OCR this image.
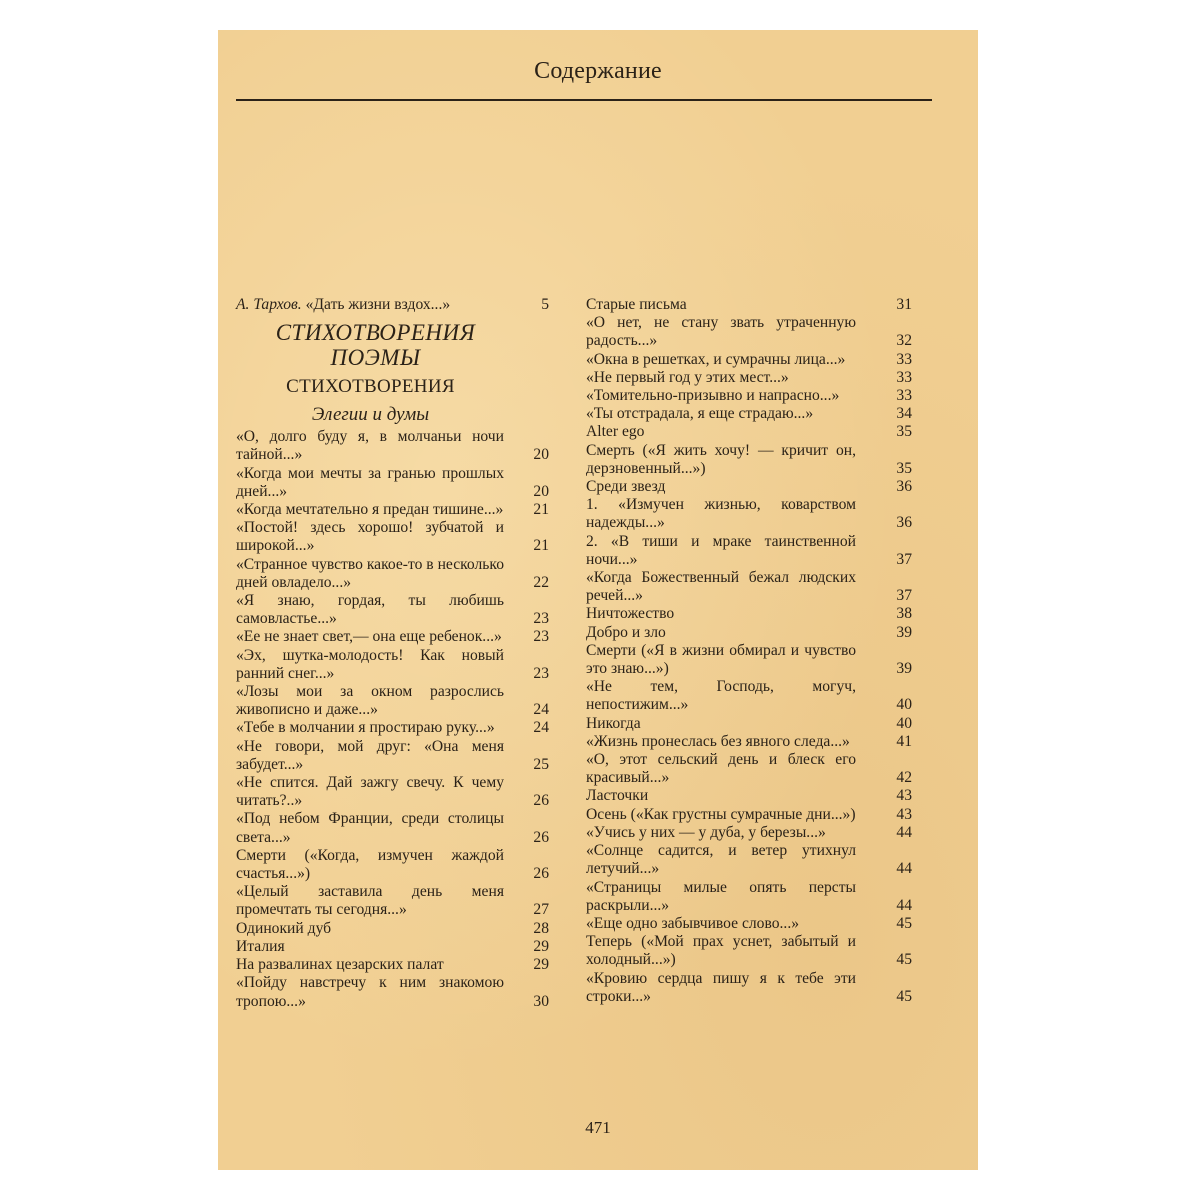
Содержание
А. Тархов. «Дать жизни вздох...»	5
СТИХОТВОРЕНИЯ ПОЭМЫ
СТИХОТВОРЕНИЯ
Элегии и думы
«О, долго буду я, в молчаньи ночи тайной...»	20
«Когда мои мечты за гранью прошлых дней...»	20
«Когда мечтательно я предан тишине...» 21
«Постой! здесь хорошо! зубчатой и широкой...»	21
«Странное чувство какое-то в несколько дней овладело...»	22
«Я знаю, гордая, ты любишь самовластье...»	23
«Ее не знает свет,— она еще ребенок...» 23
«Эх, шутка-молодость! Как новый ранний снег...»	23
«Лозы мои за окном разрослись живописно и даже...»	24
«Тебе в молчании я простираю руку...»	24
«Не говори, мой друг: «Она меня забудет...»	25
«Не спится. Дай зажгу свечу. К чему читать?..»	26
«Под небом Франции, среди столицы света...»	26
Смерти («Когда, измучен жаждой счастья...»)	26
«Целый заставила день меня промечтать ты сегодня...»	27
Одинокий дуб	28
Италия	29
На развалинах цезарских палат	29
«Пойду навстречу к ним знакомою тропою...»	30
Старые письма	31
«О нет, не стану звать утраченную радость...»	32
«Окна в решетках, и сумрачны лица...»	33
«Не первый год у этих мест...»	33
«Томительно-призывно и напрасно...»	33
«Ты отстрадала, я еще страдаю...»	34
Alter ego	35
Смерть («Я жить хочу! — кричит он, дерзновенный...»)	35
Среди звезд	36
1. «Измучен жизнью, коварством надежды...»	36
2. «В тиши и мраке таинственной ночи...»	37
«Когда Божественный бежал людских речей...»	37
Ничтожество	38
Добро и зло	39
Смерти («Я в жизни обмирал и чувство это знаю...»)	39
«Не тем, Господь, могуч, непостижим...»	40
Никогда	40
«Жизнь пронеслась без явного следа...»	41
«О, этот сельский день и блеск его красивый...»	42
Ласточки	43
Осень («Как грустны сумрачные дни...»)	43
«Учись у них — у дуба, у березы...»	44
«Солнце садится, и ветер утихнул летучий...»	44
«Страницы милые опять персты раскрыли...»	44
«Еще одно забывчивое слово...»	45
Теперь («Мой прах уснет, забытый и холодный...»)	45
«Кровию сердца пишу я к тебе эти строки...»	45
471
